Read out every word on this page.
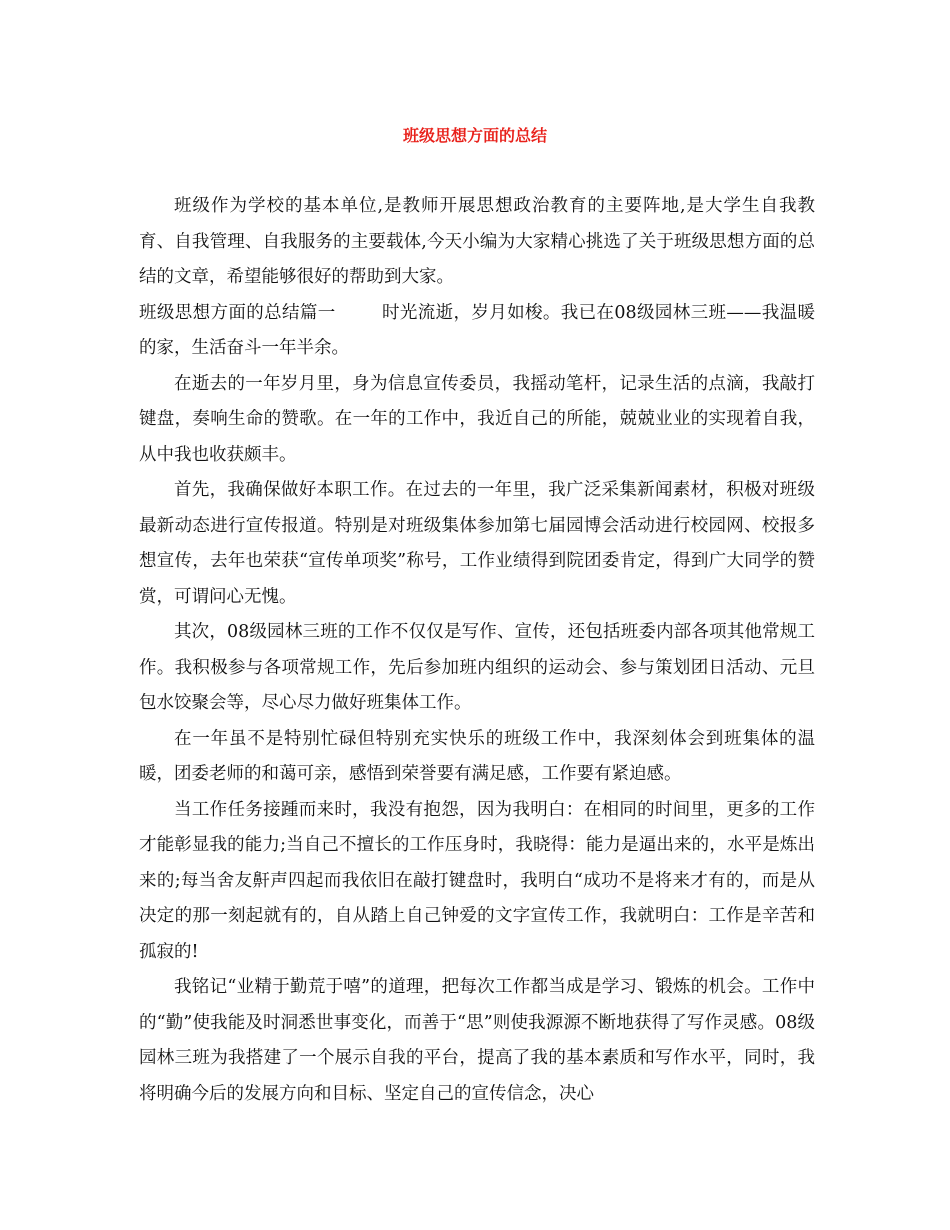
班级思想方面的总结

班级作为学校的基本单位,是教师开展思想政治教育的主要阵地,是大学生自我教育、自我管理、自我服务的主要载体,今天小编为大家精心挑选了关于班级思想方面的总结的文章，希望能够很好的帮助到大家。

班级思想方面的总结篇一	时光流逝，岁月如梭。我已在08级园林三班——我温暖的家，生活奋斗一年半余。

在逝去的一年岁月里，身为信息宣传委员，我摇动笔杆，记录生活的点滴，我敲打键盘，奏响生命的赞歌。在一年的工作中，我近自己的所能，兢兢业业的实现着自我，从中我也收获颇丰。

首先，我确保做好本职工作。在过去的一年里，我广泛采集新闻素材，积极对班级最新动态进行宣传报道。特别是对班级集体参加第七届园博会活动进行校园网、校报多想宣传，去年也荣获“宣传单项奖”称号，工作业绩得到院团委肯定，得到广大同学的赞赏，可谓问心无愧。

其次，08级园林三班的工作不仅仅是写作、宣传，还包括班委内部各项其他常规工作。我积极参与各项常规工作，先后参加班内组织的运动会、参与策划团日活动、元旦包水饺聚会等，尽心尽力做好班集体工作。

在一年虽不是特别忙碌但特别充实快乐的班级工作中，我深刻体会到班集体的温暖，团委老师的和蔼可亲，感悟到荣誉要有满足感，工作要有紧迫感。

当工作任务接踵而来时，我没有抱怨，因为我明白：在相同的时间里，更多的工作才能彰显我的能力;当自己不擅长的工作压身时，我晓得：能力是逼出来的，水平是炼出来的;每当舍友鼾声四起而我依旧在敲打键盘时，我明白“成功不是将来才有的，而是从决定的那一刻起就有的，自从踏上自己钟爱的文字宣传工作，我就明白：工作是辛苦和孤寂的!

我铭记“业精于勤荒于嘻”的道理，把每次工作都当成是学习、锻炼的机会。工作中的“勤”使我能及时洞悉世事变化，而善于“思”则使我源源不断地获得了写作灵感。08级园林三班为我搭建了一个展示自我的平台，提高了我的基本素质和写作水平，同时，我将明确今后的发展方向和目标、坚定自己的宣传信念，决心
